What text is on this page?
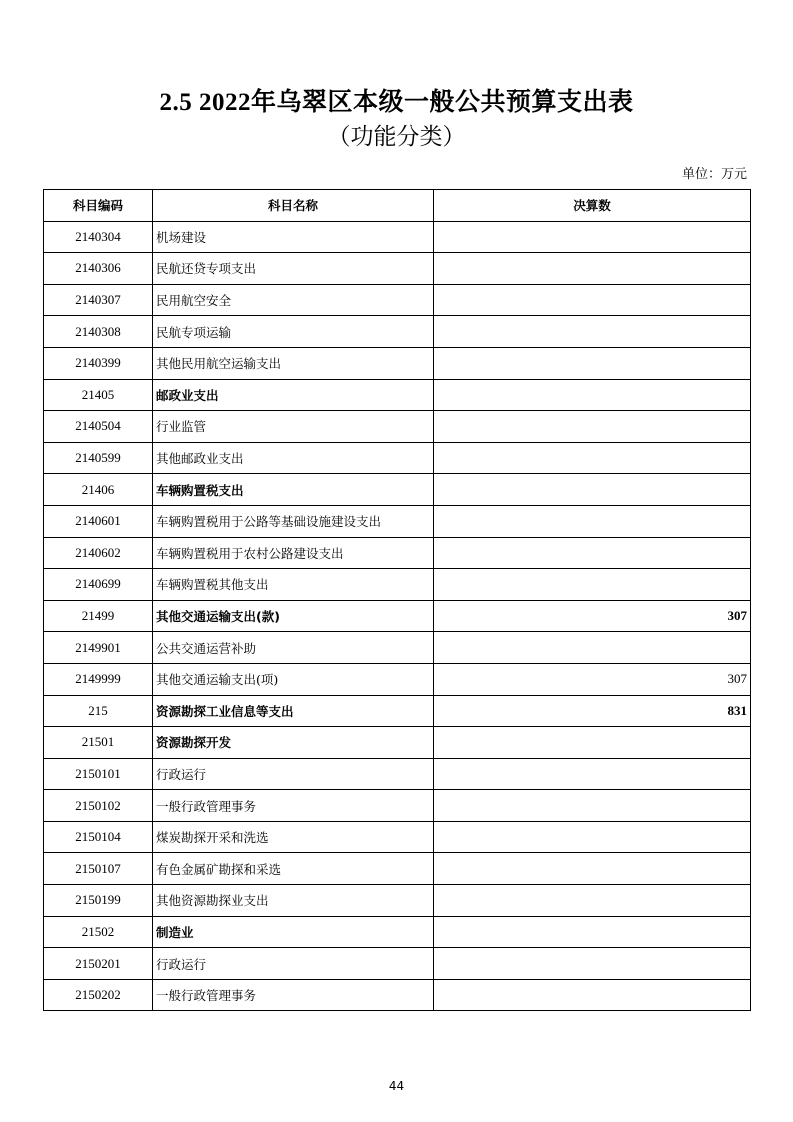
2.5 2022年乌翠区本级一般公共预算支出表
（功能分类）
单位：万元
科目编码	科目名称	决算数
2140304	机场建设	
2140306	民航还贷专项支出	
2140307	民用航空安全	
2140308	民航专项运输	
2140399	其他民用航空运输支出	
21405	邮政业支出	
2140504	行业监管	
2140599	其他邮政业支出	
21406	车辆购置税支出	
2140601	车辆购置税用于公路等基础设施建设支出	
2140602	车辆购置税用于农村公路建设支出	
2140699	车辆购置税其他支出	
21499	其他交通运输支出(款)	307
2149901	公共交通运营补助	
2149999	其他交通运输支出(项)	307
215	资源勘探工业信息等支出	831
21501	资源勘探开发	
2150101	行政运行	
2150102	一般行政管理事务	
2150104	煤炭勘探开采和洗选	
2150107	有色金属矿勘探和采选	
2150199	其他资源勘探业支出	
21502	制造业	
2150201	行政运行	
2150202	一般行政管理事务	
44
